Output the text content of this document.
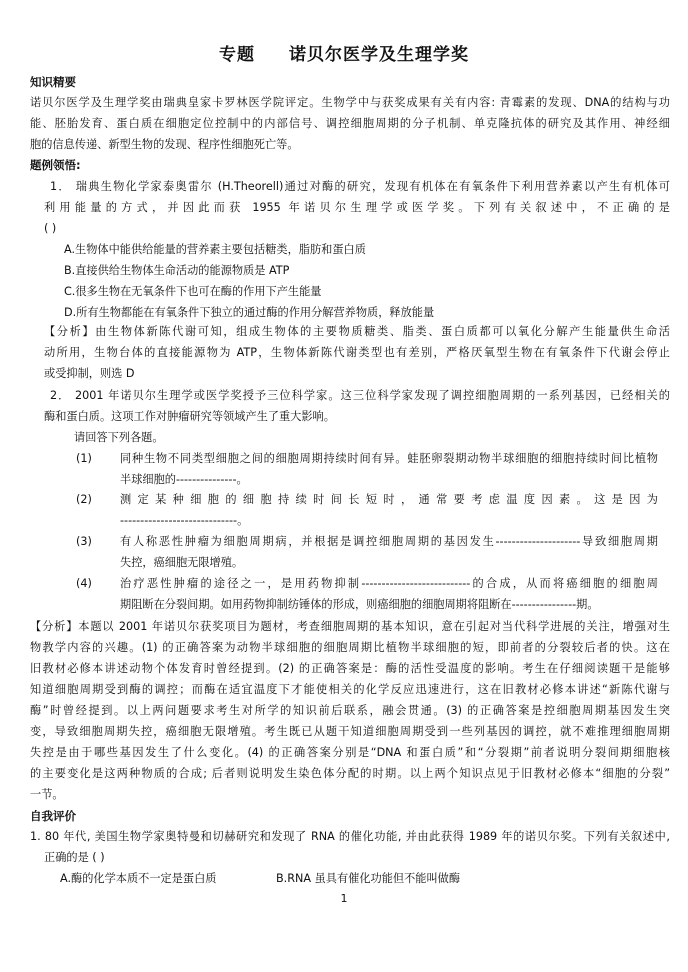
专题 诺贝尔医学及生理学奖
知识精要
诺贝尔医学及生理学奖由瑞典皇家卡罗林医学院评定。生物学中与获奖成果有关有内容: 青霉素的发现、DNA的结构与功
能、胚胎发育、蛋白质在细胞定位控制中的内部信号、调控细胞周期的分子机制、单克隆抗体的研究及其作用、神经细
胞的信息传递、新型生物的发现、程序性细胞死亡等。
题例领悟:
1． 瑞典生物化学家泰奥雷尔 (H.Theorell)通过对酶的研究，发现有机体在有氧条件下利用营养素以产生有机体可
利用能量的方式，并因此而获 1955 年诺贝尔生理学或医学奖。下列有关叙述中，不正确的是
( )
A.生物体中能供给能量的营养素主要包括糖类，脂肪和蛋白质
B.直接供给生物体生命活动的能源物质是 ATP
C.很多生物在无氧条件下也可在酶的作用下产生能量
D.所有生物都能在有氧条件下独立的通过酶的作用分解营养物质，释放能量
【分析】由生物体新陈代谢可知，组成生物体的主要物质糖类、脂类、蛋白质都可以氧化分解产生能量供生命活
动所用，生物台体的直接能源物为 ATP，生物体新陈代谢类型也有差别，严格厌氧型生物在有氧条件下代谢会停止
或受抑制，则选 D
2． 2001 年诺贝尔生理学或医学奖授予三位科学家。这三位科学家发现了调控细胞周期的一系列基因，已经相关的
酶和蛋白质。这项工作对肿瘤研究等领域产生了重大影响。
请回答下列各题。
(1)	同种生物不同类型细胞之间的细胞周期持续时间有异。蛙胚卵裂期动物半球细胞的细胞持续时间比植物
半球细胞的---------------。
(2)	测定某种细胞的细胞持续时间长短时，通常要考虑温度因素。这是因为
-----------------------------。
(3)	有人称恶性肿瘤为细胞周期病，并根据是调控细胞周期的基因发生---------------------导致细胞周期
失控，癌细胞无限增殖。
(4)	治疗恶性肿瘤的途径之一，是用药物抑制---------------------------的合成，从而将癌细胞的细胞周
期阻断在分裂间期。如用药物抑制纺锤体的形成，则癌细胞的细胞周期将阻断在----------------期。
【分析】本题以 2001 年诺贝尔获奖项目为题材，考查细胞周期的基本知识，意在引起对当代科学进展的关注，增强对生
物教学内容的兴趣。(1) 的正确答案为动物半球细胞的细胞周期比植物半球细胞的短，即前者的分裂较后者的快。这在
旧教材必修本讲述动物个体发育时曾经提到。(2) 的正确答案是：酶的活性受温度的影响。考生在仔细阅读题干是能够
知道细胞周期受到酶的调控；而酶在适宜温度下才能使相关的化学反应迅速进行，这在旧教材必修本讲述“新陈代谢与
酶”时曾经提到。以上两问题要求考生对所学的知识前后联系，融会贯通。(3) 的正确答案是控细胞周期基因发生突
变，导致细胞周期失控，癌细胞无限增殖。考生既已从题干知道细胞周期受到一些列基因的调控，就不难推理细胞周期
失控是由于哪些基因发生了什么变化。(4) 的正确答案分别是“DNA 和蛋白质”和“分裂期”前者说明分裂间期细胞核
的主要变化是这两种物质的合成; 后者则说明发生染色体分配的时期。以上两个知识点见于旧教材必修本“细胞的分裂”
一节。
自我评价
1. 80 年代, 美国生物学家奥特曼和切赫研究和发现了 RNA 的催化功能, 并由此获得 1989 年的诺贝尔奖。下列有关叙述中,
正确的是 ( )
A.酶的化学本质不一定是蛋白质	B.RNA 虽具有催化功能但不能叫做酶
1
